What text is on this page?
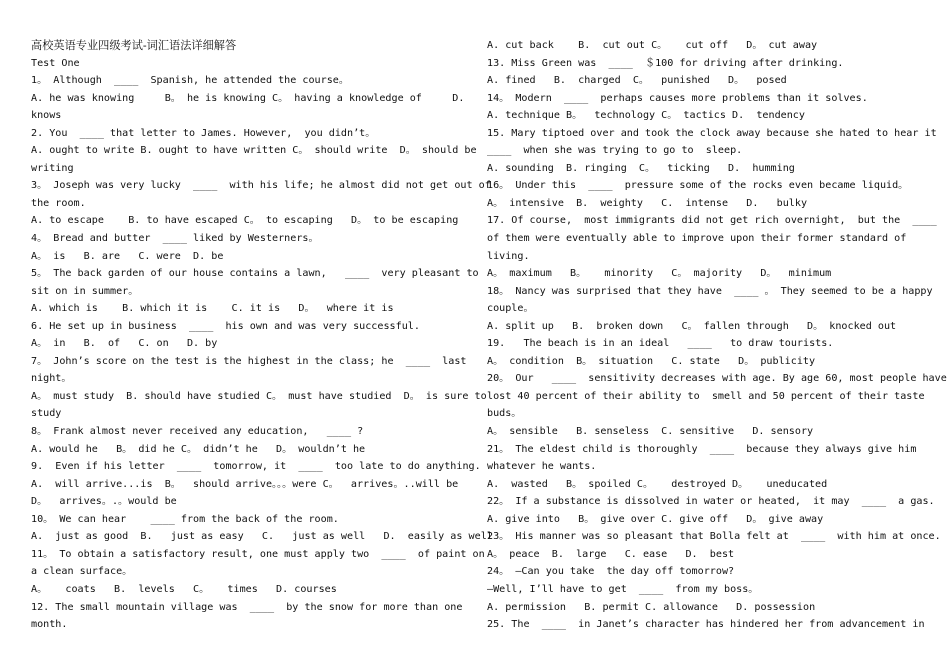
高校英语专业四级考试-词汇语法详细解答
Test One
1。 Although  ____  Spanish, he attended the course。
A. he was knowing     B。 he is knowing C。 having a knowledge of     D.
knows
2. You  ____ that letter to James. However,  you didn’t。
A. ought to write B. ought to have written C。 should write  D。 should be
writing
3。 Joseph was very lucky  ____  with his life; he almost did not get out of
the room.
A. to escape    B. to have escaped C。 to escaping   D。 to be escaping
4。 Bread and butter  ____ liked by Westerners。
A。 is   B. are   C. were  D. be
5。 The back garden of our house contains a lawn,   ____  very pleasant to
sit on in summer。
A. which is    B. which it is    C. it is   D。  where it is
6. He set up in business  ____  his own and was very successful.
A。 in   B.  of   C. on   D. by
7。 John’s score on the test is the highest in the class; he  ____  last
night。
A。 must study  B. should have studied C。 must have studied  D。 is sure to
study
8。 Frank almost never received any education,   ____ ?
A. would he   B。 did he C。 didn’t he   D。 wouldn’t he
9.  Even if his letter  ____  tomorrow, it  ____  too late to do anything.
A.  will arrive...is  B。  should arrive。。。were C。  arrives。..will be
D。  arrives。.。would be
10。 We can hear    ____ from the back of the room.
A.  just as good  B.   just as easy   C.   just as well   D.  easily as well
11。 To obtain a satisfactory result, one must apply two  ____  of paint on
a clean surface。
A。   coats   B.  levels   C。   times   D. courses
12. The small mountain village was  ____  by the snow for more than one
month.
A. cut back    B.  cut out C。   cut off   D。 cut away
13. Miss Green was  ____  ＄100 for driving after drinking.
A. fined   B.  charged  C。  punished   D。  posed
14。 Modern  ____  perhaps causes more problems than it solves.
A. technique B。  technology C。 tactics D.  tendency
15. Mary tiptoed over and took the clock away because she hated to hear it
____  when she was trying to go to  sleep.
A. sounding  B. ringing  C。  ticking   D.  humming
16。 Under this  ____  pressure some of the rocks even became liquid。
A。 intensive  B.  weighty   C.  intense   D.   bulky
17. Of course,  most immigrants did not get rich overnight,  but the  ____
of them were eventually able to improve upon their former standard of
living.
A。 maximum   B。   minority   C。 majority   D。  minimum
18。 Nancy was surprised that they have  ____ 。 They seemed to be a happy
couple。
A. split up   B.  broken down   C。 fallen through   D。 knocked out
19.   The beach is in an ideal   ____   to draw tourists.
A。 condition  B。 situation   C. state   D。 publicity
20。 Our   ____  sensitivity decreases with age. By age 60, most people have
lost 40 percent of their ability to  smell and 50 percent of their taste
buds。
A。 sensible   B. senseless  C. sensitive   D. sensory
21。 The eldest child is thoroughly  ____  because they always give him
whatever he wants.
A.  wasted   B。 spoiled C。   destroyed D。   uneducated
22。 If a substance is dissolved in water or heated,  it may  ____  a gas.
A. give into   B。 give over C. give off   D。 give away
23。 His manner was so pleasant that Bolla felt at  ____  with him at once.
A。 peace  B.  large   C. ease   D.  best
24。 —Can you take  the day off tomorrow?
—Well, I’ll have to get  ____  from my boss。
A. permission   B. permit C. allowance   D. possession
25. The  ____  in Janet’s character has hindered her from advancement in
